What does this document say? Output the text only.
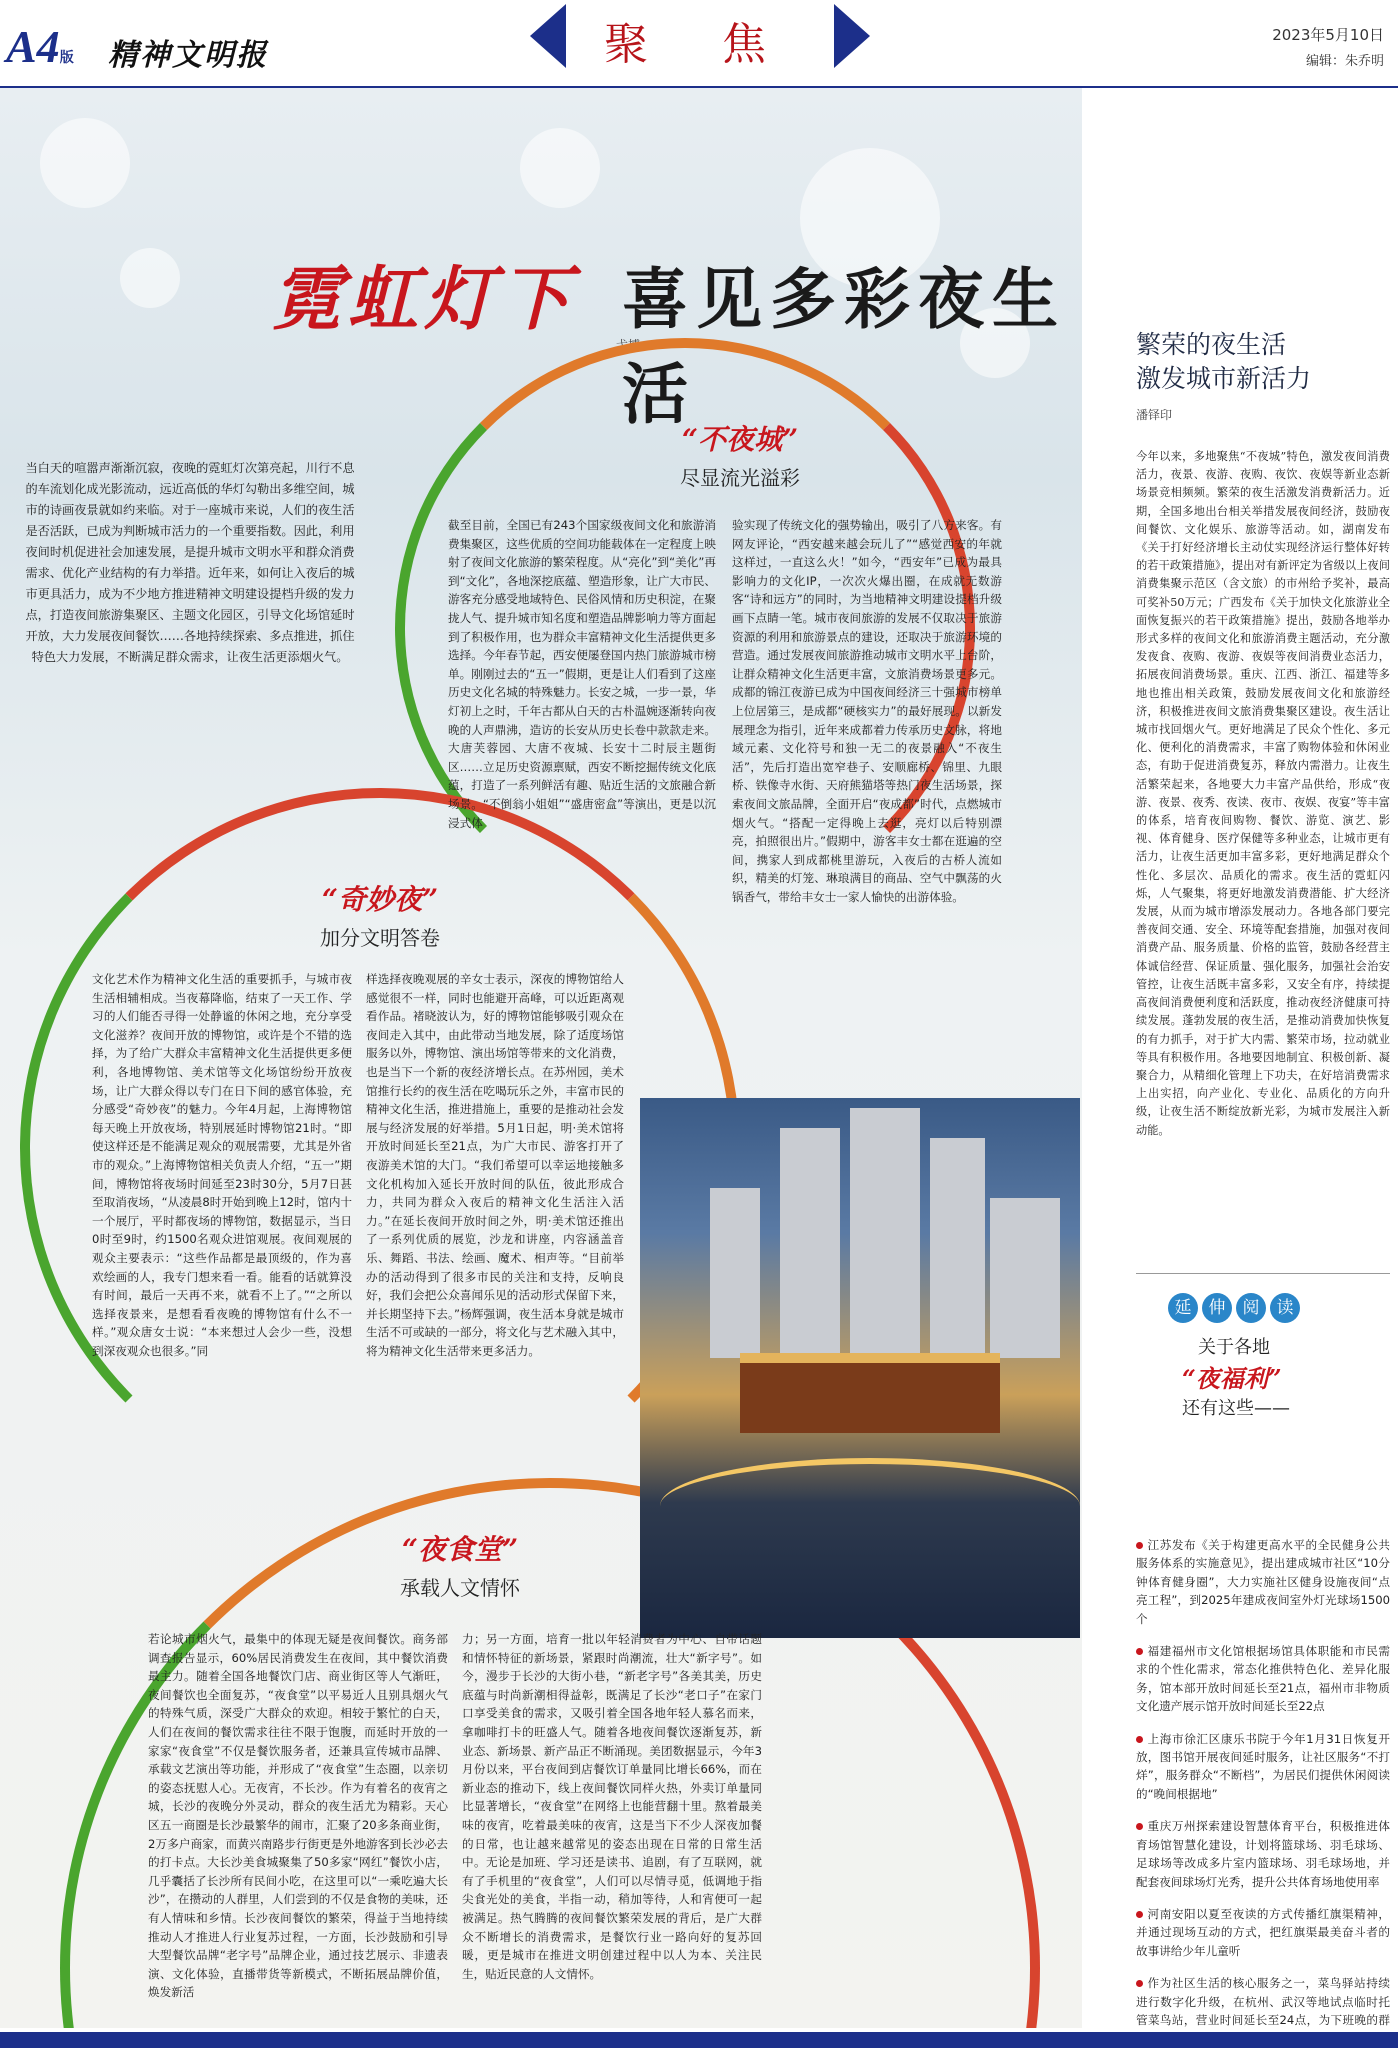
A4版 精神文明报	聚 焦	2023年5月10日
编辑：朱乔明
霓虹灯下 喜见多彩夜生活
弋搏
当白天的喧嚣声渐渐沉寂，夜晚的霓虹灯次第亮起，川行不息的车流划化成光影流动，远近高低的华灯勾勒出多维空间，城市的诗画夜景就如约来临。对于一座城市来说，人们的夜生活是否活跃，已成为判断城市活力的一个重要指数。因此，利用夜间时机促进社会加速发展，是提升城市文明水平和群众消费需求、优化产业结构的有力举措。近年来，如何让入夜后的城市更具活力，成为不少地方推进精神文明建设提档升级的发力点，打造夜间旅游集聚区、主题文化园区，引导文化场馆延时开放，大力发展夜间餐饮……各地持续探索、多点推进，抓住特色大力发展，不断满足群众需求，让夜生活更添烟火气。
“不夜城”
尽显流光溢彩
截至目前，全国已有243个国家级夜间文化和旅游消费集聚区，这些优质的空间功能载体在一定程度上映射了夜间文化旅游的繁荣程度。从“亮化”到“美化”再到“文化”，各地深挖底蕴、塑造形象，让广大市民、游客充分感受地域特色、民俗风情和历史积淀，在聚拢人气、提升城市知名度和塑造品牌影响力等方面起到了积极作用，也为群众丰富精神文化生活提供更多选择。今年春节起，西安便屡登国内热门旅游城市榜单。刚刚过去的“五一”假期，更是让人们看到了这座历史文化名城的特殊魅力。长安之城，一步一景，华灯初上之时，千年古都从白天的古朴温婉逐渐转向夜晚的人声鼎沸，造访的长安从历史长卷中款款走来。大唐芙蓉园、大唐不夜城、长安十二时辰主题街区……立足历史资源禀赋，西安不断挖掘传统文化底蕴，打造了一系列鲜活有趣、贴近生活的文旅融合新场景。“不倒翁小姐姐”“盛唐密盒”等演出，更是以沉浸式体
验实现了传统文化的强势输出，吸引了八方来客。有网友评论，“西安越来越会玩儿了”“感觉西安的年就这样过，一直这么火！”如今，“西安年”已成为最具影响力的文化IP，一次次火爆出圈，在成就无数游客“诗和远方”的同时，为当地精神文明建设提档升级画下点睛一笔。城市夜间旅游的发展不仅取决于旅游资源的利用和旅游景点的建设，还取决于旅游环境的营造。通过发展夜间旅游推动城市文明水平上台阶，让群众精神文化生活更丰富，文旅消费场景更多元。成都的锦江夜游已成为中国夜间经济三十强城市榜单上位居第三，是成都“硬核实力”的最好展现。以新发展理念为指引，近年来成都着力传承历史文脉，将地域元素、文化符号和独一无二的夜景融入“不夜生活”，先后打造出宽窄巷子、安顺廊桥、锦里、九眼桥、铁像寺水街、天府熊猫塔等热门夜生活场景，探索夜间文旅品牌，全面开启“夜成都”时代，点燃城市烟火气。“搭配一定得晚上去逛，亮灯以后特别漂亮，拍照很出片。”假期中，游客丰女士都在逛遍的空间，携家人到成都桃里游玩，入夜后的古桥人流如织，精美的灯笼、琳琅满目的商品、空气中飘荡的火锅香气，带给丰女士一家人愉快的出游体验。
“奇妙夜”
加分文明答卷
文化艺术作为精神文化生活的重要抓手，与城市夜生活相辅相成。当夜幕降临，结束了一天工作、学习的人们能否寻得一处静谧的休闲之地，充分享受文化滋养？夜间开放的博物馆，或许是个不错的选择，为了给广大群众丰富精神文化生活提供更多便利，各地博物馆、美术馆等文化场馆纷纷开放夜场，让广大群众得以专门在日下间的感官体验，充分感受“奇妙夜”的魅力。今年4月起，上海博物馆每天晚上开放夜场，特别展延时博物馆21时。“即使这样还是不能满足观众的观展需要，尤其是外省市的观众。”上海博物馆相关负责人介绍，“五一”期间，博物馆将夜场时间延至23时30分，5月7日甚至取消夜场，“从凌晨8时开始到晚上12时，馆内十一个展厅，平时都夜场的博物馆，数据显示，当日0时至9时，约1500名观众进馆观展。夜间观展的观众主要表示：“这些作品都是最顶级的，作为喜欢绘画的人，我专门想来看一看。能看的话就算没有时间，最后一天再不来，就看不上了。”“之所以选择夜景来，是想看看夜晚的博物馆有什么不一样。”观众唐女士说：“本来想过人会少一些，没想到深夜观众也很多。”同
样选择夜晚观展的辛女士表示，深夜的博物馆给人感觉很不一样，同时也能避开高峰，可以近距离观看作品。褚晓波认为，好的博物馆能够吸引观众在夜间走入其中，由此带动当地发展，除了适度场馆服务以外，博物馆、演出场馆等带来的文化消费，也是当下一个新的夜经济增长点。在苏州园，美术馆推行长约的夜生活在吃喝玩乐之外，丰富市民的精神文化生活，推进措施上，重要的是推动社会发展与经济发展的好举措。5月1日起，明·美术馆将开放时间延长至21点，为广大市民、游客打开了夜游美术馆的大门。“我们希望可以幸运地接触多文化机构加入延长开放时间的队伍，彼此形成合力，共同为群众入夜后的精神文化生活注入活力。”在延长夜间开放时间之外，明·美术馆还推出了一系列优质的展览，沙龙和讲座，内容涵盖音乐、舞蹈、书法、绘画、魔术、相声等。“目前举办的活动得到了很多市民的关注和支持，反响良好，我们会把公众喜闻乐见的活动形式保留下来，并长期坚持下去。”杨辉强调，夜生活本身就是城市生活不可或缺的一部分，将文化与艺术融入其中，将为精神文化生活带来更多活力。
“夜食堂”
承载人文情怀
若论城市烟火气，最集中的体现无疑是夜间餐饮。商务部调查报告显示，60%居民消费发生在夜间，其中餐饮消费最主力。随着全国各地餐饮门店、商业街区等人气渐旺，夜间餐饮也全面复苏，“夜食堂”以平易近人且别具烟火气的特殊气质，深受广大群众的欢迎。相较于繁忙的白天，人们在夜间的餐饮需求往往不限于饱腹，而延时开放的一家家“夜食堂”不仅是餐饮服务者，还兼具宣传城市品牌、承载文艺演出等功能，并形成了“夜食堂”生态圈，以亲切的姿态抚慰人心。无夜宵，不长沙。作为有着名的夜宵之城，长沙的夜晚分外灵动，群众的夜生活尤为精彩。天心区五一商圈是长沙最繁华的闹市，汇聚了20多条商业街，2万多户商家，而黄兴南路步行街更是外地游客到长沙必去的打卡点。大长沙美食城聚集了50多家“网红”餐饮小店，几乎囊括了长沙所有民间小吃，在这里可以“一乘吃遍大长沙”，在攒动的人群里，人们尝到的不仅是食物的美味，还有人情味和乡情。长沙夜间餐饮的繁荣，得益于当地持续推动人才推进人行业复苏过程，一方面，长沙鼓励和引导大型餐饮品牌“老字号”品牌企业，通过技艺展示、非遗表演、文化体验，直播带货等新模式，不断拓展品牌价值，焕发新活
力；另一方面，培育一批以年轻消费者为中心、自带话题和情怀特征的新场景，紧跟时尚潮流，壮大“新字号”。如今，漫步于长沙的大街小巷，“新老字号”各美其美，历史底蕴与时尚新潮相得益彰，既满足了长沙“老口子”在家门口享受美食的需求，又吸引着全国各地年轻人慕名而来，拿咖啡打卡的旺盛人气。随着各地夜间餐饮逐渐复苏，新业态、新场景、新产品正不断涌现。美团数据显示，今年3月份以来，平台夜间到店餐饮订单量同比增长66%，而在新业态的推动下，线上夜间餐饮同样火热，外卖订单量同比显著增长，“夜食堂”在网络上也能营翻十里。熬着最美味的夜宵，吃着最美味的夜宵，这是当下不少人深夜加餐的日常，也让越来越常见的姿态出现在日常的日常生活中。无论是加班、学习还是读书、追剧，有了互联网，就有了手机里的“夜食堂”，人们可以尽情寻觅，低调地于指尖食光处的美食，半指一动，稍加等待，人和宵便可一起被满足。热气腾腾的夜间餐饮繁荣发展的背后，是广大群众不断增长的消费需求，是餐饮行业一路向好的复苏回暖，更是城市在推进文明创建过程中以人为本、关注民生，贴近民意的人文情怀。
繁荣的夜生活
激发城市新活力
潘铎印
今年以来，多地聚焦“不夜城”特色，激发夜间消费活力，夜景、夜游、夜购、夜饮、夜娱等新业态新场景竞相频频。繁荣的夜生活激发消费新活力。近期，全国多地出台相关举措发展夜间经济，鼓励夜间餐饮、文化娱乐、旅游等活动。如，湖南发布《关于打好经济增长主动仗实现经济运行整体好转的若干政策措施》，提出对有新评定为省级以上夜间消费集聚示范区（含文旅）的市州给予奖补，最高可奖补50万元；广西发布《关于加快文化旅游业全面恢复振兴的若干政策措施》提出，鼓励各地举办形式多样的夜间文化和旅游消费主题活动，充分激发夜食、夜购、夜游、夜娱等夜间消费业态活力，拓展夜间消费场景。重庆、江西、浙江、福建等多地也推出相关政策，鼓励发展夜间文化和旅游经济，积极推进夜间文旅消费集聚区建设。夜生活让城市找回烟火气。更好地满足了民众个性化、多元化、便利化的消费需求，丰富了购物体验和休闲业态，有助于促进消费复苏，释放内需潜力。让夜生活繁荣起来，各地要大力丰富产品供给，形成“夜游、夜景、夜秀、夜读、夜市、夜娱、夜宴”等丰富的体系，培育夜间购物、餐饮、游览、演艺、影视、体育健身、医疗保健等多种业态，让城市更有活力，让夜生活更加丰富多彩，更好地满足群众个性化、多层次、品质化的需求。夜生活的霓虹闪烁，人气聚集，将更好地激发消费潜能、扩大经济发展，从而为城市增添发展动力。各地各部门要完善夜间交通、安全、环境等配套措施，加强对夜间消费产品、服务质量、价格的监管，鼓励各经营主体诚信经营、保证质量、强化服务，加强社会治安管控，让夜生活既丰富多彩，又安全有序，持续提高夜间消费便利度和活跃度，推动夜经济健康可持续发展。蓬勃发展的夜生活，是推动消费加快恢复的有力抓手，对于扩大内需、繁荣市场，拉动就业等具有积极作用。各地要因地制宜、积极创新、凝聚合力，从精细化管理上下功夫，在好培消费需求上出实招，向产业化、专业化、品质化的方向升级，让夜生活不断绽放新光彩，为城市发展注入新动能。
延 伸 阅 读
关于各地
“夜福利”
还有这些——
江苏发布《关于构建更高水平的全民健身公共服务体系的实施意见》，提出建成城市社区“10分钟体育健身圈”，大力实施社区健身设施夜间“点亮工程”，到2025年建成夜间室外灯光球场1500个
福建福州市文化馆根据场馆具体职能和市民需求的个性化需求，常态化推供特色化、差异化服务，馆本部开放时间延长至21点，福州市非物质文化遗产展示馆开放时间延长至22点
上海市徐汇区康乐书院于今年1月31日恢复开放，图书馆开展夜间延时服务，让社区服务“不打烊”，服务群众“不断档”，为居民们提供休闲阅读的“晚间根据地”
重庆万州探索建设智慧体育平台，积极推进体育场馆智慧化建设，计划将篮球场、羽毛球场、足球场等改成多片室内篮球场、羽毛球场地，并配套夜间球场灯光秀，提升公共体育场地使用率
河南安阳以夏至夜读的方式传播红旗渠精神，并通过现场互动的方式，把红旗渠最美奋斗者的故事讲给少年儿童听
作为社区生活的核心服务之一，菜鸟驿站持续进行数字化升级，在杭州、武汉等地试点临时托管菜鸟站，营业时间延长至24点，为下班晚的群
